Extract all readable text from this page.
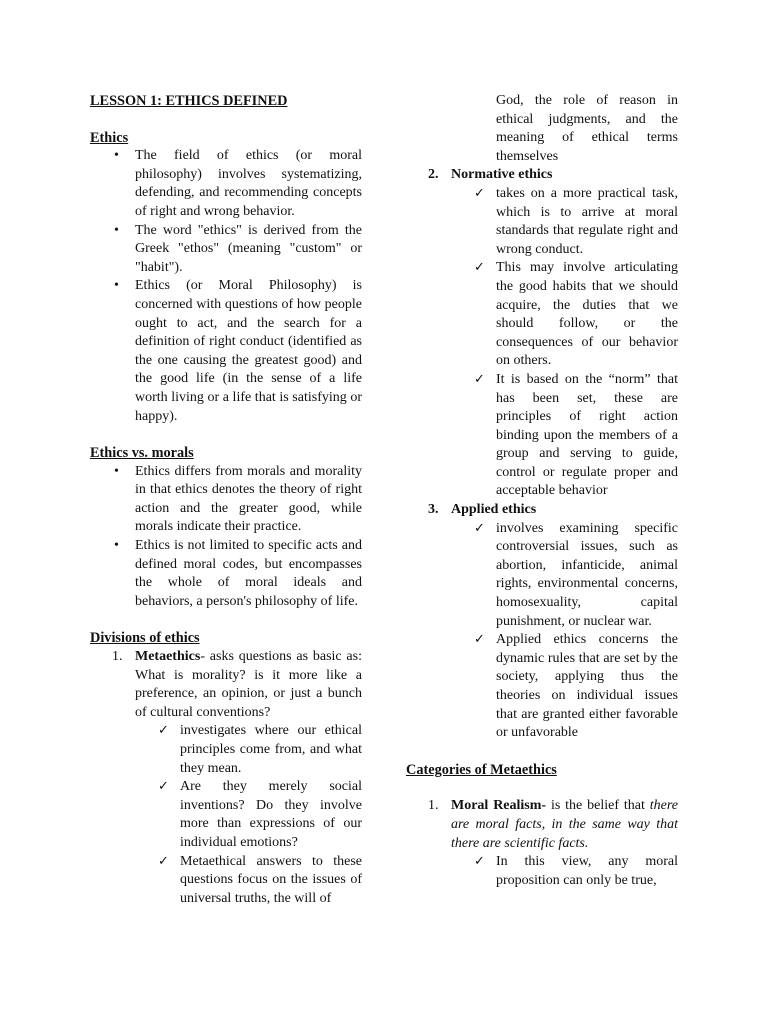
LESSON 1: ETHICS DEFINED

Ethics

• The field of ethics (or moral philosophy) involves systematizing, defending, and recommending concepts of right and wrong behavior.
• The word "ethics" is derived from the Greek "ethos" (meaning "custom" or "habit").
• Ethics (or Moral Philosophy) is concerned with questions of how people ought to act, and the search for a definition of right conduct (identified as the one causing the greatest good) and the good life (in the sense of a life worth living or a life that is satisfying or happy).

Ethics vs. morals

• Ethics differs from morals and morality in that ethics denotes the theory of right action and the greater good, while morals indicate their practice.
• Ethics is not limited to specific acts and defined moral codes, but encompasses the whole of moral ideals and behaviors, a person's philosophy of life.

Divisions of ethics

1. Metaethics- asks questions as basic as: What is morality? is it more like a preference, an opinion, or just a bunch of cultural conventions?
✓ investigates where our ethical principles come from, and what they mean.
✓ Are they merely social inventions? Do they involve more than expressions of our individual emotions?
✓ Metaethical answers to these questions focus on the issues of universal truths, the will of
God, the role of reason in ethical judgments, and the meaning of ethical terms themselves
2. Normative ethics
✓ takes on a more practical task, which is to arrive at moral standards that regulate right and wrong conduct.
✓ This may involve articulating the good habits that we should acquire, the duties that we should follow, or the consequences of our behavior on others.
✓ It is based on the “norm” that has been set, these are principles of right action binding upon the members of a group and serving to guide, control or regulate proper and acceptable behavior
3. Applied ethics
✓ involves examining specific controversial issues, such as abortion, infanticide, animal rights, environmental concerns, homosexuality, capital punishment, or nuclear war.
✓ Applied ethics concerns the dynamic rules that are set by the society, applying thus the theories on individual issues that are granted either favorable or unfavorable

Categories of Metaethics

1. Moral Realism- is the belief that there are moral facts, in the same way that there are scientific facts.
✓ In this view, any moral proposition can only be true,
